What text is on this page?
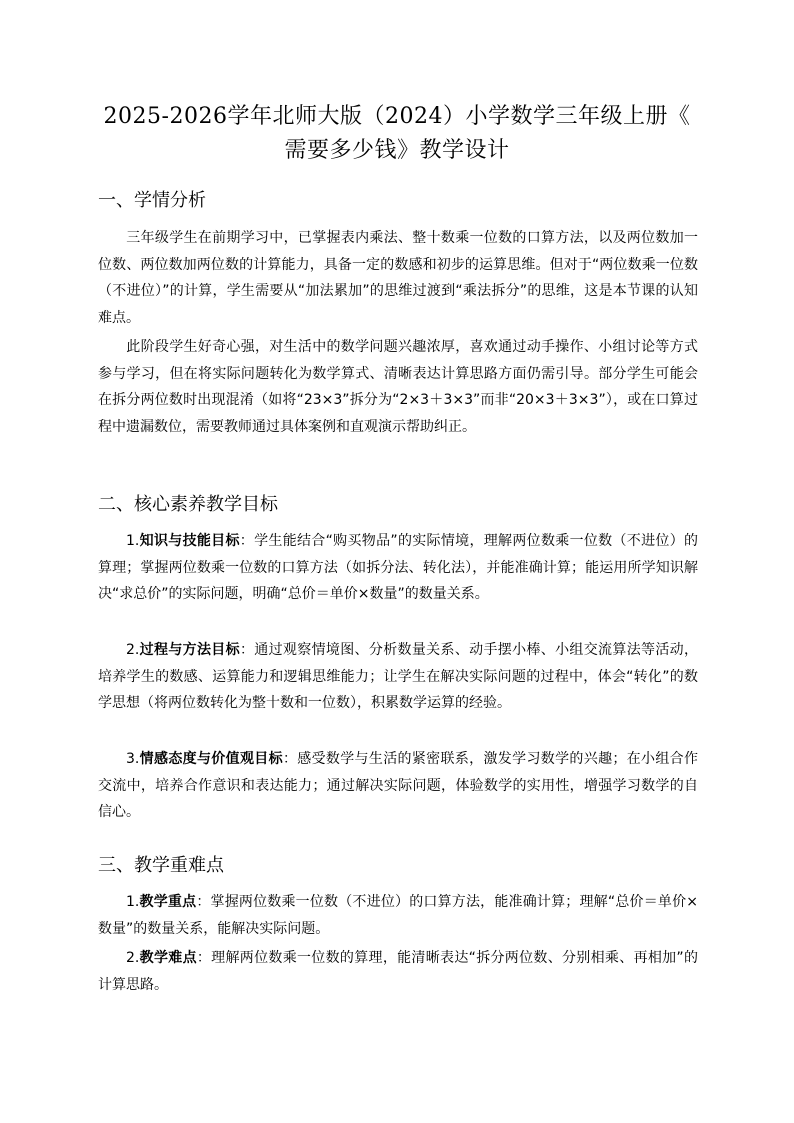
2025-2026学年北师大版（2024）小学数学三年级上册《
需要多少钱》教学设计
一、学情分析
三年级学生在前期学习中，已掌握表内乘法、整十数乘一位数的口算方法，以及两位数加一位数、两位数加两位数的计算能力，具备一定的数感和初步的运算思维。但对于“两位数乘一位数（不进位）”的计算，学生需要从“加法累加”的思维过渡到“乘法拆分”的思维，这是本节课的认知难点。
此阶段学生好奇心强，对生活中的数学问题兴趣浓厚，喜欢通过动手操作、小组讨论等方式参与学习，但在将实际问题转化为数学算式、清晰表达计算思路方面仍需引导。部分学生可能会在拆分两位数时出现混淆（如将“23×3”拆分为“2×3＋3×3”而非“20×3＋3×3”），或在口算过程中遗漏数位，需要教师通过具体案例和直观演示帮助纠正。
二、核心素养教学目标
1.知识与技能目标：学生能结合“购买物品”的实际情境，理解两位数乘一位数（不进位）的算理；掌握两位数乘一位数的口算方法（如拆分法、转化法），并能准确计算；能运用所学知识解决“求总价”的实际问题，明确“总价＝单价×数量”的数量关系。
2.过程与方法目标：通过观察情境图、分析数量关系、动手摆小棒、小组交流算法等活动，培养学生的数感、运算能力和逻辑思维能力；让学生在解决实际问题的过程中，体会“转化”的数学思想（将两位数转化为整十数和一位数），积累数学运算的经验。
3.情感态度与价值观目标：感受数学与生活的紧密联系，激发学习数学的兴趣；在小组合作交流中，培养合作意识和表达能力；通过解决实际问题，体验数学的实用性，增强学习数学的自信心。
三、教学重难点
1.教学重点：掌握两位数乘一位数（不进位）的口算方法，能准确计算；理解“总价＝单价×数量”的数量关系，能解决实际问题。
2.教学难点：理解两位数乘一位数的算理，能清晰表达“拆分两位数、分别相乘、再相加”的计算思路。
